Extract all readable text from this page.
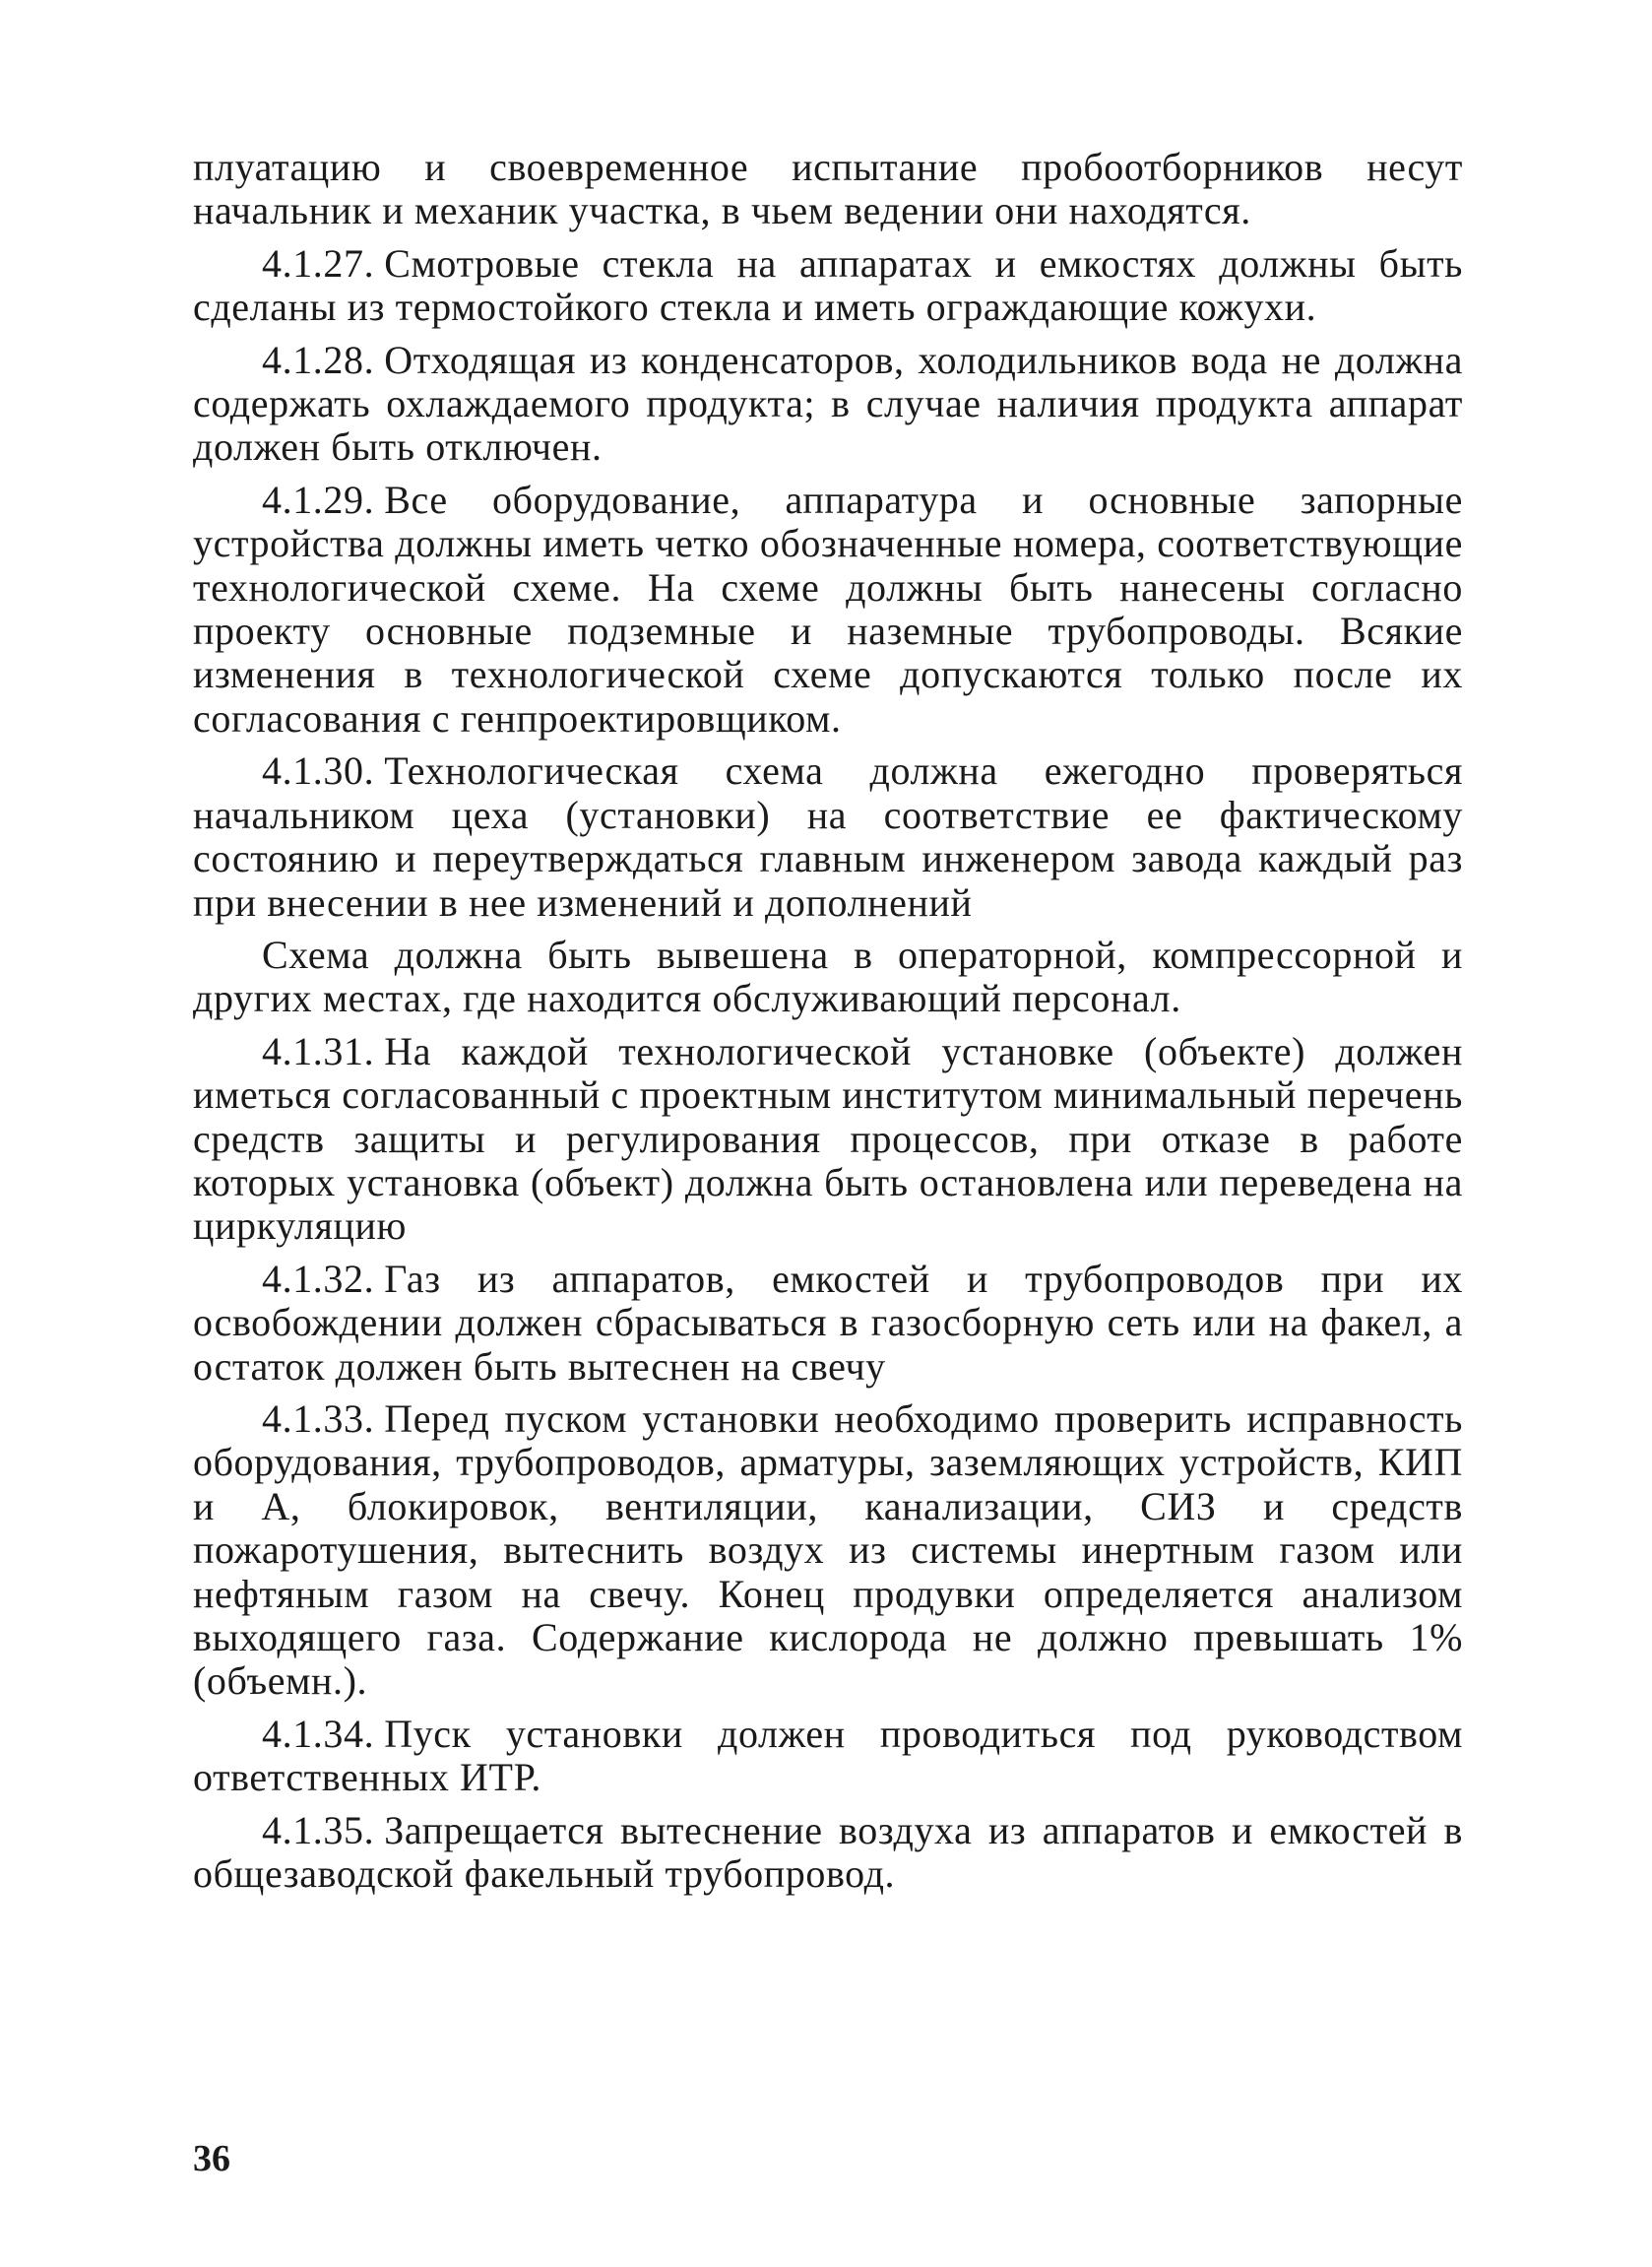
плуатацию и своевременное испытание пробоотборников несут начальник и механик участка, в чьем ведении они находятся.

4.1.27. Смотровые стекла на аппаратах и емкостях должны быть сделаны из термостойкого стекла и иметь ограждающие кожухи.

4.1.28. Отходящая из конденсаторов, холодильников вода не должна содержать охлаждаемого продукта; в случае наличия продукта аппарат должен быть отключен.

4.1.29. Все оборудование, аппаратура и основные запорные устройства должны иметь четко обозначенные номера, соответствующие технологической схеме. На схеме должны быть нанесены согласно проекту основные подземные и наземные трубопроводы. Всякие изменения в технологической схеме допускаются только после их согласования с генпроектировщиком.

4.1.30. Технологическая схема должна ежегодно проверяться начальником цеха (установки) на соответствие ее фактическому состоянию и переутверждаться главным инженером завода каждый раз при внесении в нее изменений и дополнений

Схема должна быть вывешена в операторной, компрессорной и других местах, где находится обслуживающий персонал.

4.1.31. На каждой технологической установке (объекте) должен иметься согласованный с проектным институтом минимальный перечень средств защиты и регулирования процессов, при отказе в работе которых установка (объект) должна быть остановлена или переведена на циркуляцию

4.1.32. Газ из аппаратов, емкостей и трубопроводов при их освобождении должен сбрасываться в газосборную сеть или на факел, а остаток должен быть вытеснен на свечу

4.1.33. Перед пуском установки необходимо проверить исправность оборудования, трубопроводов, арматуры, заземляющих устройств, КИП и А, блокировок, вентиляции, канализации, СИЗ и средств пожаротушения, вытеснить воздух из системы инертным газом или нефтяным газом на свечу. Конец продувки определяется анализом выходящего газа. Содержание кислорода не должно превышать 1% (объемн.).

4.1.34. Пуск установки должен проводиться под руководством ответственных ИТР.

4.1.35. Запрещается вытеснение воздуха из аппаратов и емкостей в общезаводской факельный трубопровод.

36
